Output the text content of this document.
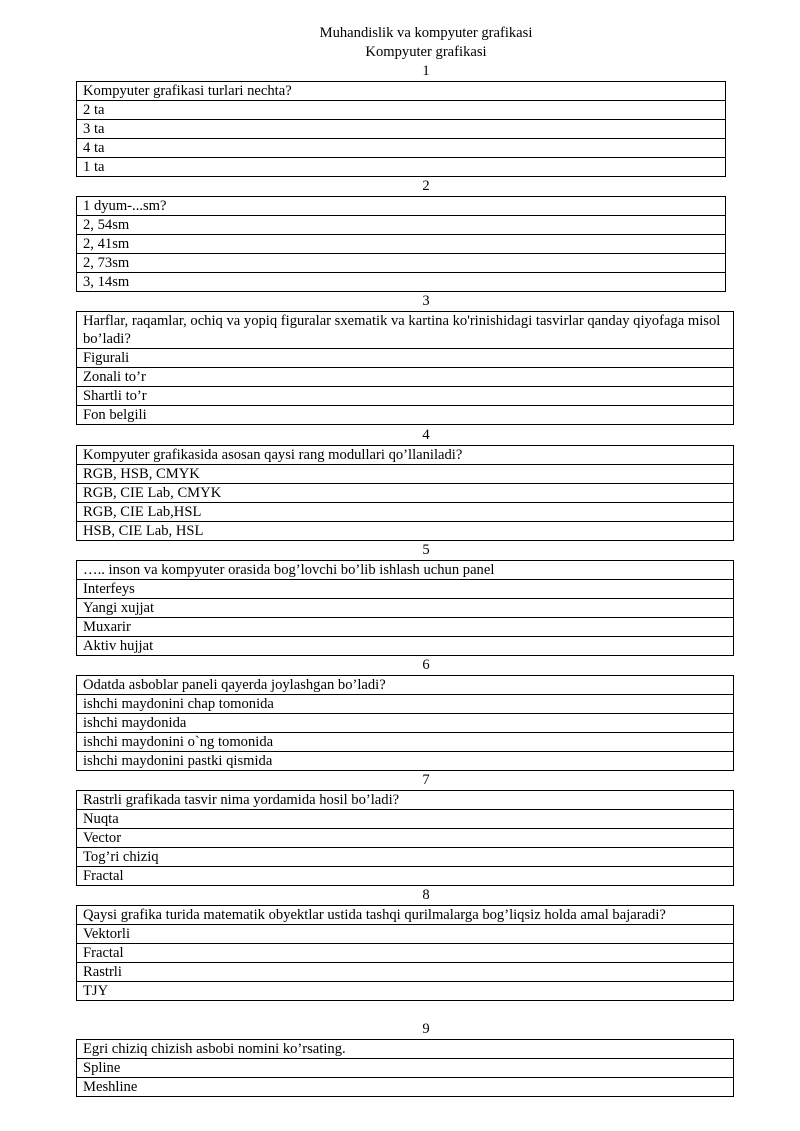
Muhandislik va kompyuter grafikasi
Kompyuter grafikasi
1
Kompyuter grafikasi turlari nechta?
2 ta
3 ta
4 ta
1 ta
2
1 dyum-...sm?
2, 54sm
2, 41sm
2, 73sm
3, 14sm
3
Harflar, raqamlar, ochiq va yopiq figuralar sxematik va kartina ko'rinishidagi tasvirlar qanday qiyofaga misol bo’ladi?
Figurali
Zonali to’r
Shartli to’r
Fon belgili
4
Kompyuter grafikasida asosan qaysi rang modullari qo’llaniladi?
RGB, HSB, CMYK
RGB, CIE Lab, CMYK
RGB, CIE Lab,HSL
HSB, CIE Lab, HSL
5
….. inson va kompyuter orasida bog’lovchi bo’lib ishlash uchun panel
Interfeys
Yangi xujjat
Muxarir
Aktiv hujjat
6
Odatda asboblar paneli qayerda joylashgan bo’ladi?
ishchi maydonini chap tomonida
ishchi maydonida
ishchi maydonini o`ng tomonida
ishchi maydonini pastki qismida
7
Rastrli grafikada tasvir nima yordamida hosil bo’ladi?
Nuqta
Vector
Tog’ri chiziq
Fractal
8
Qaysi grafika turida matematik obyektlar ustida tashqi qurilmalarga bog’liqsiz holda amal bajaradi?
Vektorli
Fractal
Rastrli
TJY
9
Egri chiziq chizish asbobi nomini ko’rsating.
Spline
Meshline
